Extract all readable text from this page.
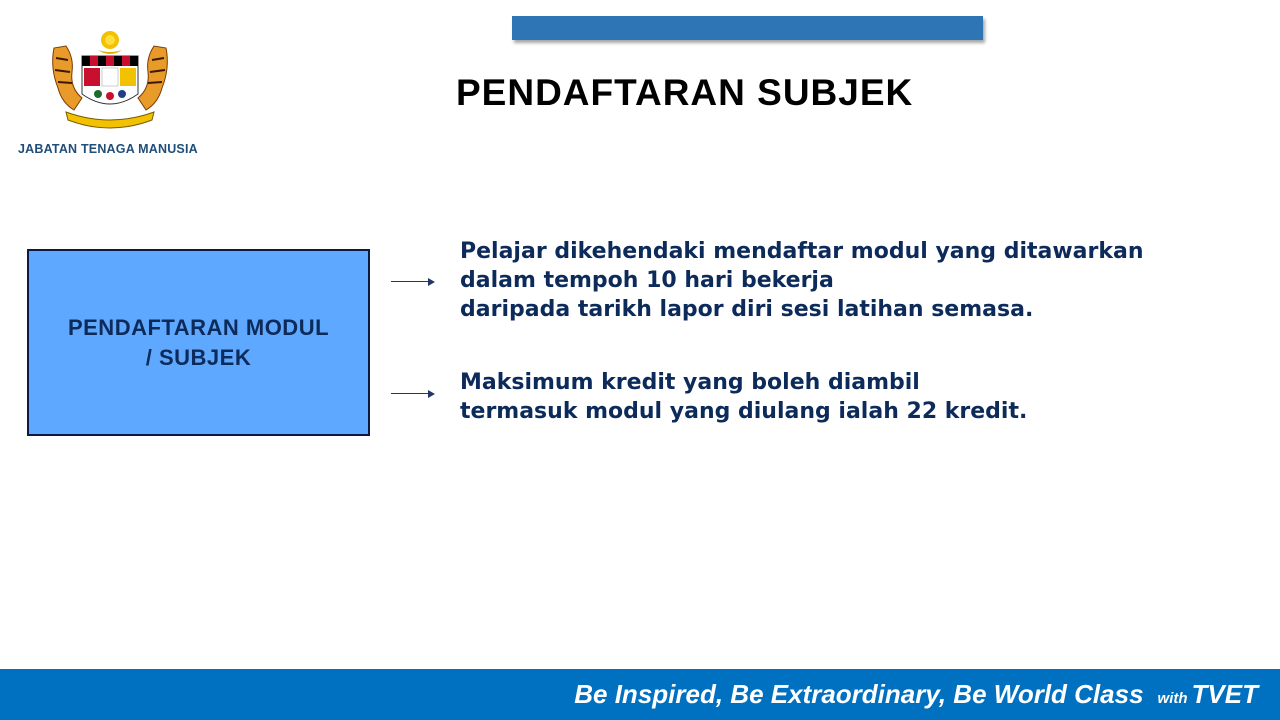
JABATAN TENAGA MANUSIA
PENDAFTARAN SUBJEK
PENDAFTARAN MODUL
/ SUBJEK
Pelajar dikehendaki mendaftar modul yang ditawarkan
dalam tempoh 10 hari bekerja
daripada tarikh lapor diri sesi latihan semasa.
Maksimum kredit yang boleh diambil
termasuk modul yang diulang ialah 22 kredit.
Be Inspired, Be Extraordinary, Be World Class with TVET
